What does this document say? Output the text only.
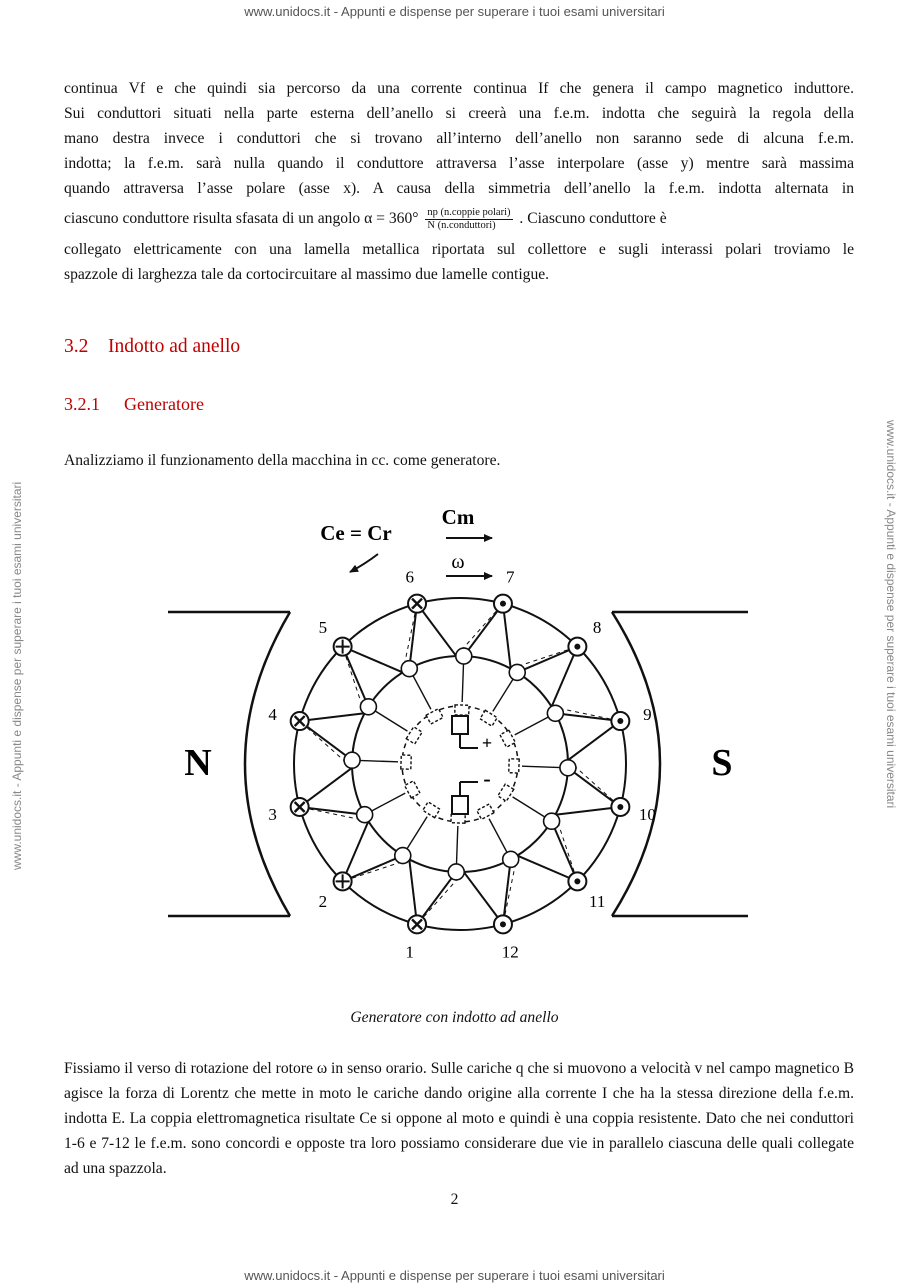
www.unidocs.it - Appunti e dispense per superare i tuoi esami universitari
www.unidocs.it - Appunti e dispense per superare i tuoi esami universitari	www.unidocs.it - Appunti e dispense per superare i tuoi esami universitari
continua Vf e che quindi sia percorso da una corrente continua If che genera il campo magnetico induttore.
Sui conduttori situati nella parte esterna dell’anello si creerà una f.e.m. indotta che seguirà la regola della
mano destra invece i conduttori che si trovano all’interno dell’anello non saranno sede di alcuna f.e.m.
indotta; la f.e.m. sarà nulla quando il conduttore attraversa l’asse interpolare (asse y) mentre sarà massima
quando attraversa l’asse polare (asse x). A causa della simmetria dell’anello la f.e.m. indotta alternata in
ciascuno conduttore risulta sfasata di un angolo $\alpha = 360^\circ \frac{\text{np (n.coppie polari)}}{\text{N (n.conduttori)}}$ . Ciascuno conduttore è
collegato elettricamente con una lamella metallica riportata sul collettore e sugli interassi polari troviamo le
spazzole di larghezza tale da cortocircuitare al massimo due lamelle contigue.
3.2 Indotto ad anello
3.2.1 Generatore
Analizziamo il funzionamento della macchina in cc. come generatore.
N	S
1
2
3
4
5
6	7
8
9
10
11
12
+
-
Ce = Cr
Cm
ω
Generatore con indotto ad anello
Fissiamo il verso di rotazione del rotore ω in senso orario. Sulle cariche q che si muovono a velocità v nel campo magnetico B agisce la forza di Lorentz che mette in moto le cariche dando origine alla corrente I che ha la stessa direzione della f.e.m. indotta E. La coppia elettromagnetica risultate Ce si oppone al moto e quindi è una coppia resistente. Dato che nei conduttori 1-6 e 7-12 le f.e.m. sono concordi e opposte tra loro possiamo considerare due vie in parallelo ciascuna delle quali collegate ad una spazzola.
2
www.unidocs.it - Appunti e dispense per superare i tuoi esami universitari
